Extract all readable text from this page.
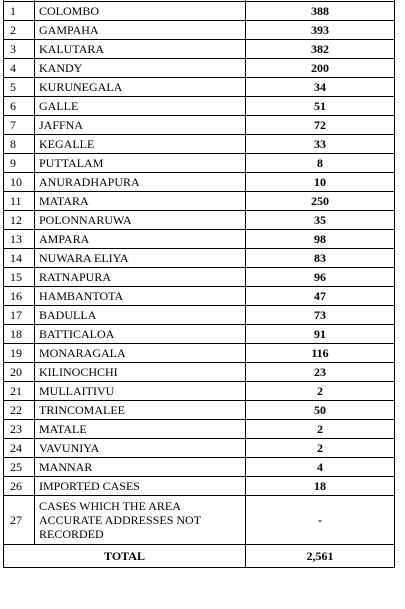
1	COLOMBO	388
2	GAMPAHA	393
3	KALUTARA	382
4	KANDY	200
5	KURUNEGALA	34
6	GALLE	51
7	JAFFNA	72
8	KEGALLE	33
9	PUTTALAM	8
10	ANURADHAPURA	10
11	MATARA	250
12	POLONNARUWA	35
13	AMPARA	98
14	NUWARA ELIYA	83
15	RATNAPURA	96
16	HAMBANTOTA	47
17	BADULLA	73
18	BATTICALOA	91
19	MONARAGALA	116
20	KILINOCHCHI	23
21	MULLAITIVU	2
22	TRINCOMALEE	50
23	MATALE	2
24	VAVUNIYA	2
25	MANNAR	4
26	IMPORTED CASES	18
27	CASES WHICH THE AREA ACCURATE ADDRESSES NOT RECORDED	-
TOTAL		2,561
